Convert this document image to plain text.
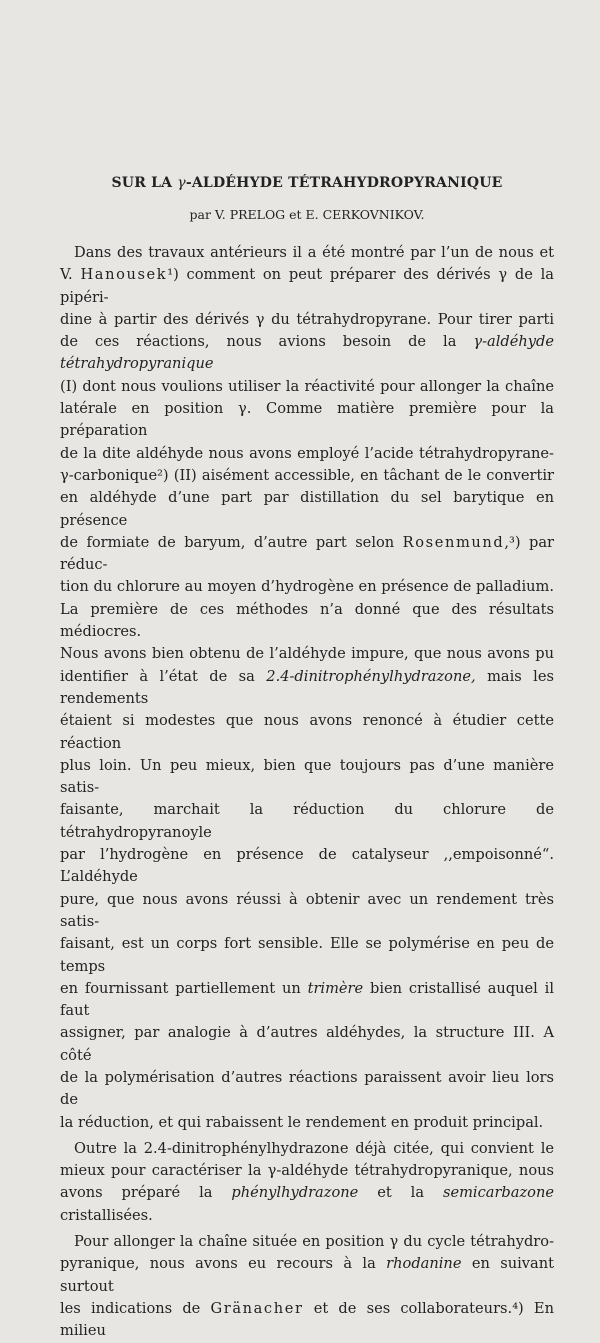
SUR LA γ-ALDÉHYDE TÉTRAHYDROPYRANIQUE
par V. PRELOG et E. CERKOVNIKOV.

Dans des travaux antérieurs il a été montré par l’un de nous et
V. Hanousek¹) comment on peut préparer des dérivés γ de la pipéri-
dine à partir des dérivés γ du tétrahydropyrane. Pour tirer parti
de ces réactions, nous avions besoin de la γ-aldéhyde tétrahydropyranique
(I) dont nous voulions utiliser la réactivité pour allonger la chaîne
latérale en position γ. Comme matière première pour la préparation
de la dite aldéhyde nous avons employé l’acide tétrahydropyrane-
γ-carbonique²) (II) aisément accessible, en tâchant de le convertir
en aldéhyde d’une part par distillation du sel barytique en présence
de formiate de baryum, d’autre part selon Rosenmund,³) par réduc-
tion du chlorure au moyen d’hydrogène en présence de palladium.
La première de ces méthodes n’a donné que des résultats médiocres.
Nous avons bien obtenu de l’aldéhyde impure, que nous avons pu
identifier à l’état de sa 2.4-dinitrophénylhydrazone, mais les rendements
étaient si modestes que nous avons renoncé à étudier cette réaction
plus loin. Un peu mieux, bien que toujours pas d’une manière satis-
faisante, marchait la réduction du chlorure de tétrahydropyranoyle
par l’hydrogène en présence de catalyseur ,,empoisonné“. L’aldéhyde
pure, que nous avons réussi à obtenir avec un rendement très satis-
faisant, est un corps fort sensible. Elle se polymérise en peu de temps
en fournissant partiellement un trimère bien cristallisé auquel il faut
assigner, par analogie à d’autres aldéhydes, la structure III. A côté
de la polymérisation d’autres réactions paraissent avoir lieu lors de
la réduction, et qui rabaissent le rendement en produit principal.

Outre la 2.4-dinitrophénylhydrazone déjà citée, qui convient le
mieux pour caractériser la γ-aldéhyde tétrahydropyranique, nous
avons préparé la phénylhydrazone et la semicarbazone cristallisées.

Pour allonger la chaîne située en position γ du cycle tétrahydro-
pyranique, nous avons eu recours à la rhodanine en suivant surtout
les indications de Gränacher et de ses collaborateurs.⁴) En milieu
